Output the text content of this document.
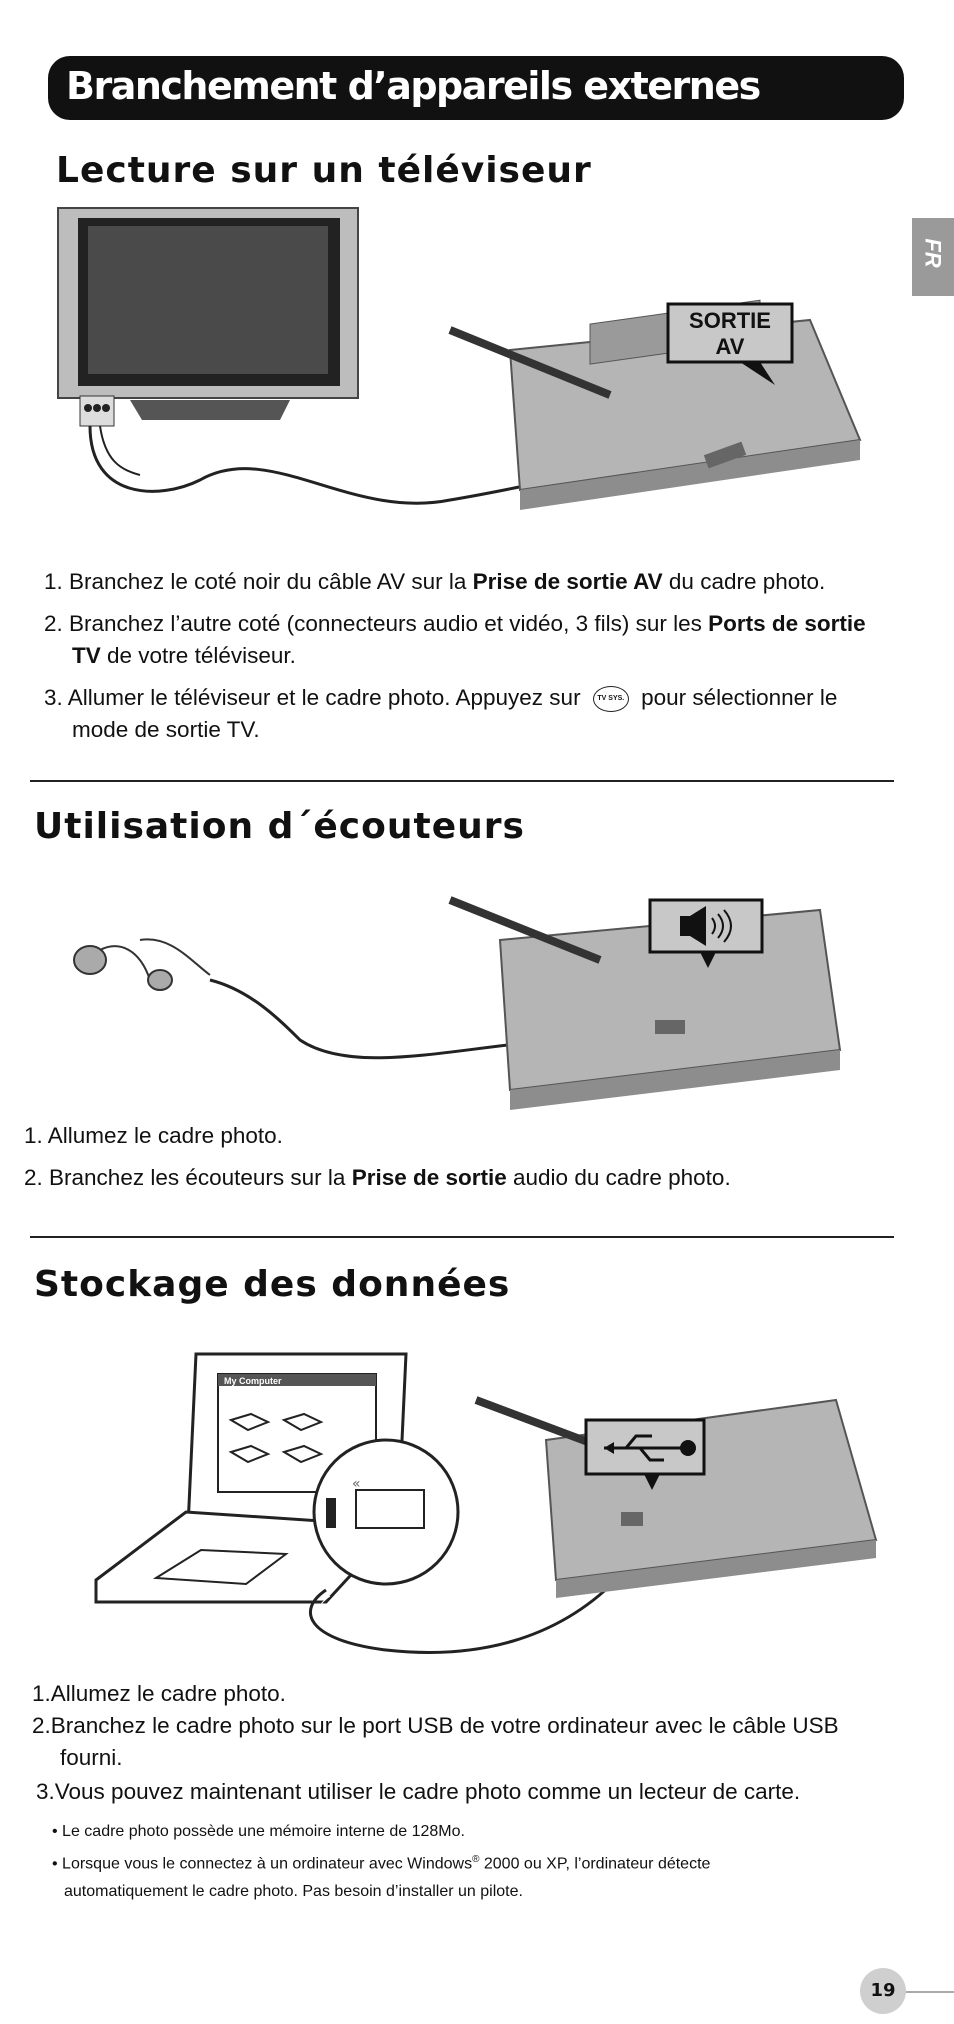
Branchement d’appareils externes
FR
Lecture sur un téléviseur
SORTIE
AV
1. Branchez le coté noir du câble AV sur la Prise de sortie AV du cadre photo.
2. Branchez l’autre coté (connecteurs audio et vidéo, 3 fils) sur les Ports de sortie
TV de votre téléviseur.
3. Allumer le téléviseur et le cadre photo. Appuyez sur TV SYS. pour sélectionner le
mode de sortie TV.
Utilisation d´écouteurs
1. Allumez le cadre photo.
2. Branchez les écouteurs sur la Prise de sortie audio du cadre photo.
Stockage des données
My Computer
«
1.Allumez le cadre photo.
2.Branchez le cadre photo sur le port USB de votre ordinateur avec le câble USB
fourni.
3.Vous pouvez maintenant utiliser le cadre photo comme un lecteur de carte.
• Le cadre photo possède une mémoire interne de 128Mo.
• Lorsque vous le connectez à un ordinateur avec Windows® 2000 ou XP, l’ordinateur détecte
automatiquement le cadre photo. Pas besoin d’installer un pilote.
19
